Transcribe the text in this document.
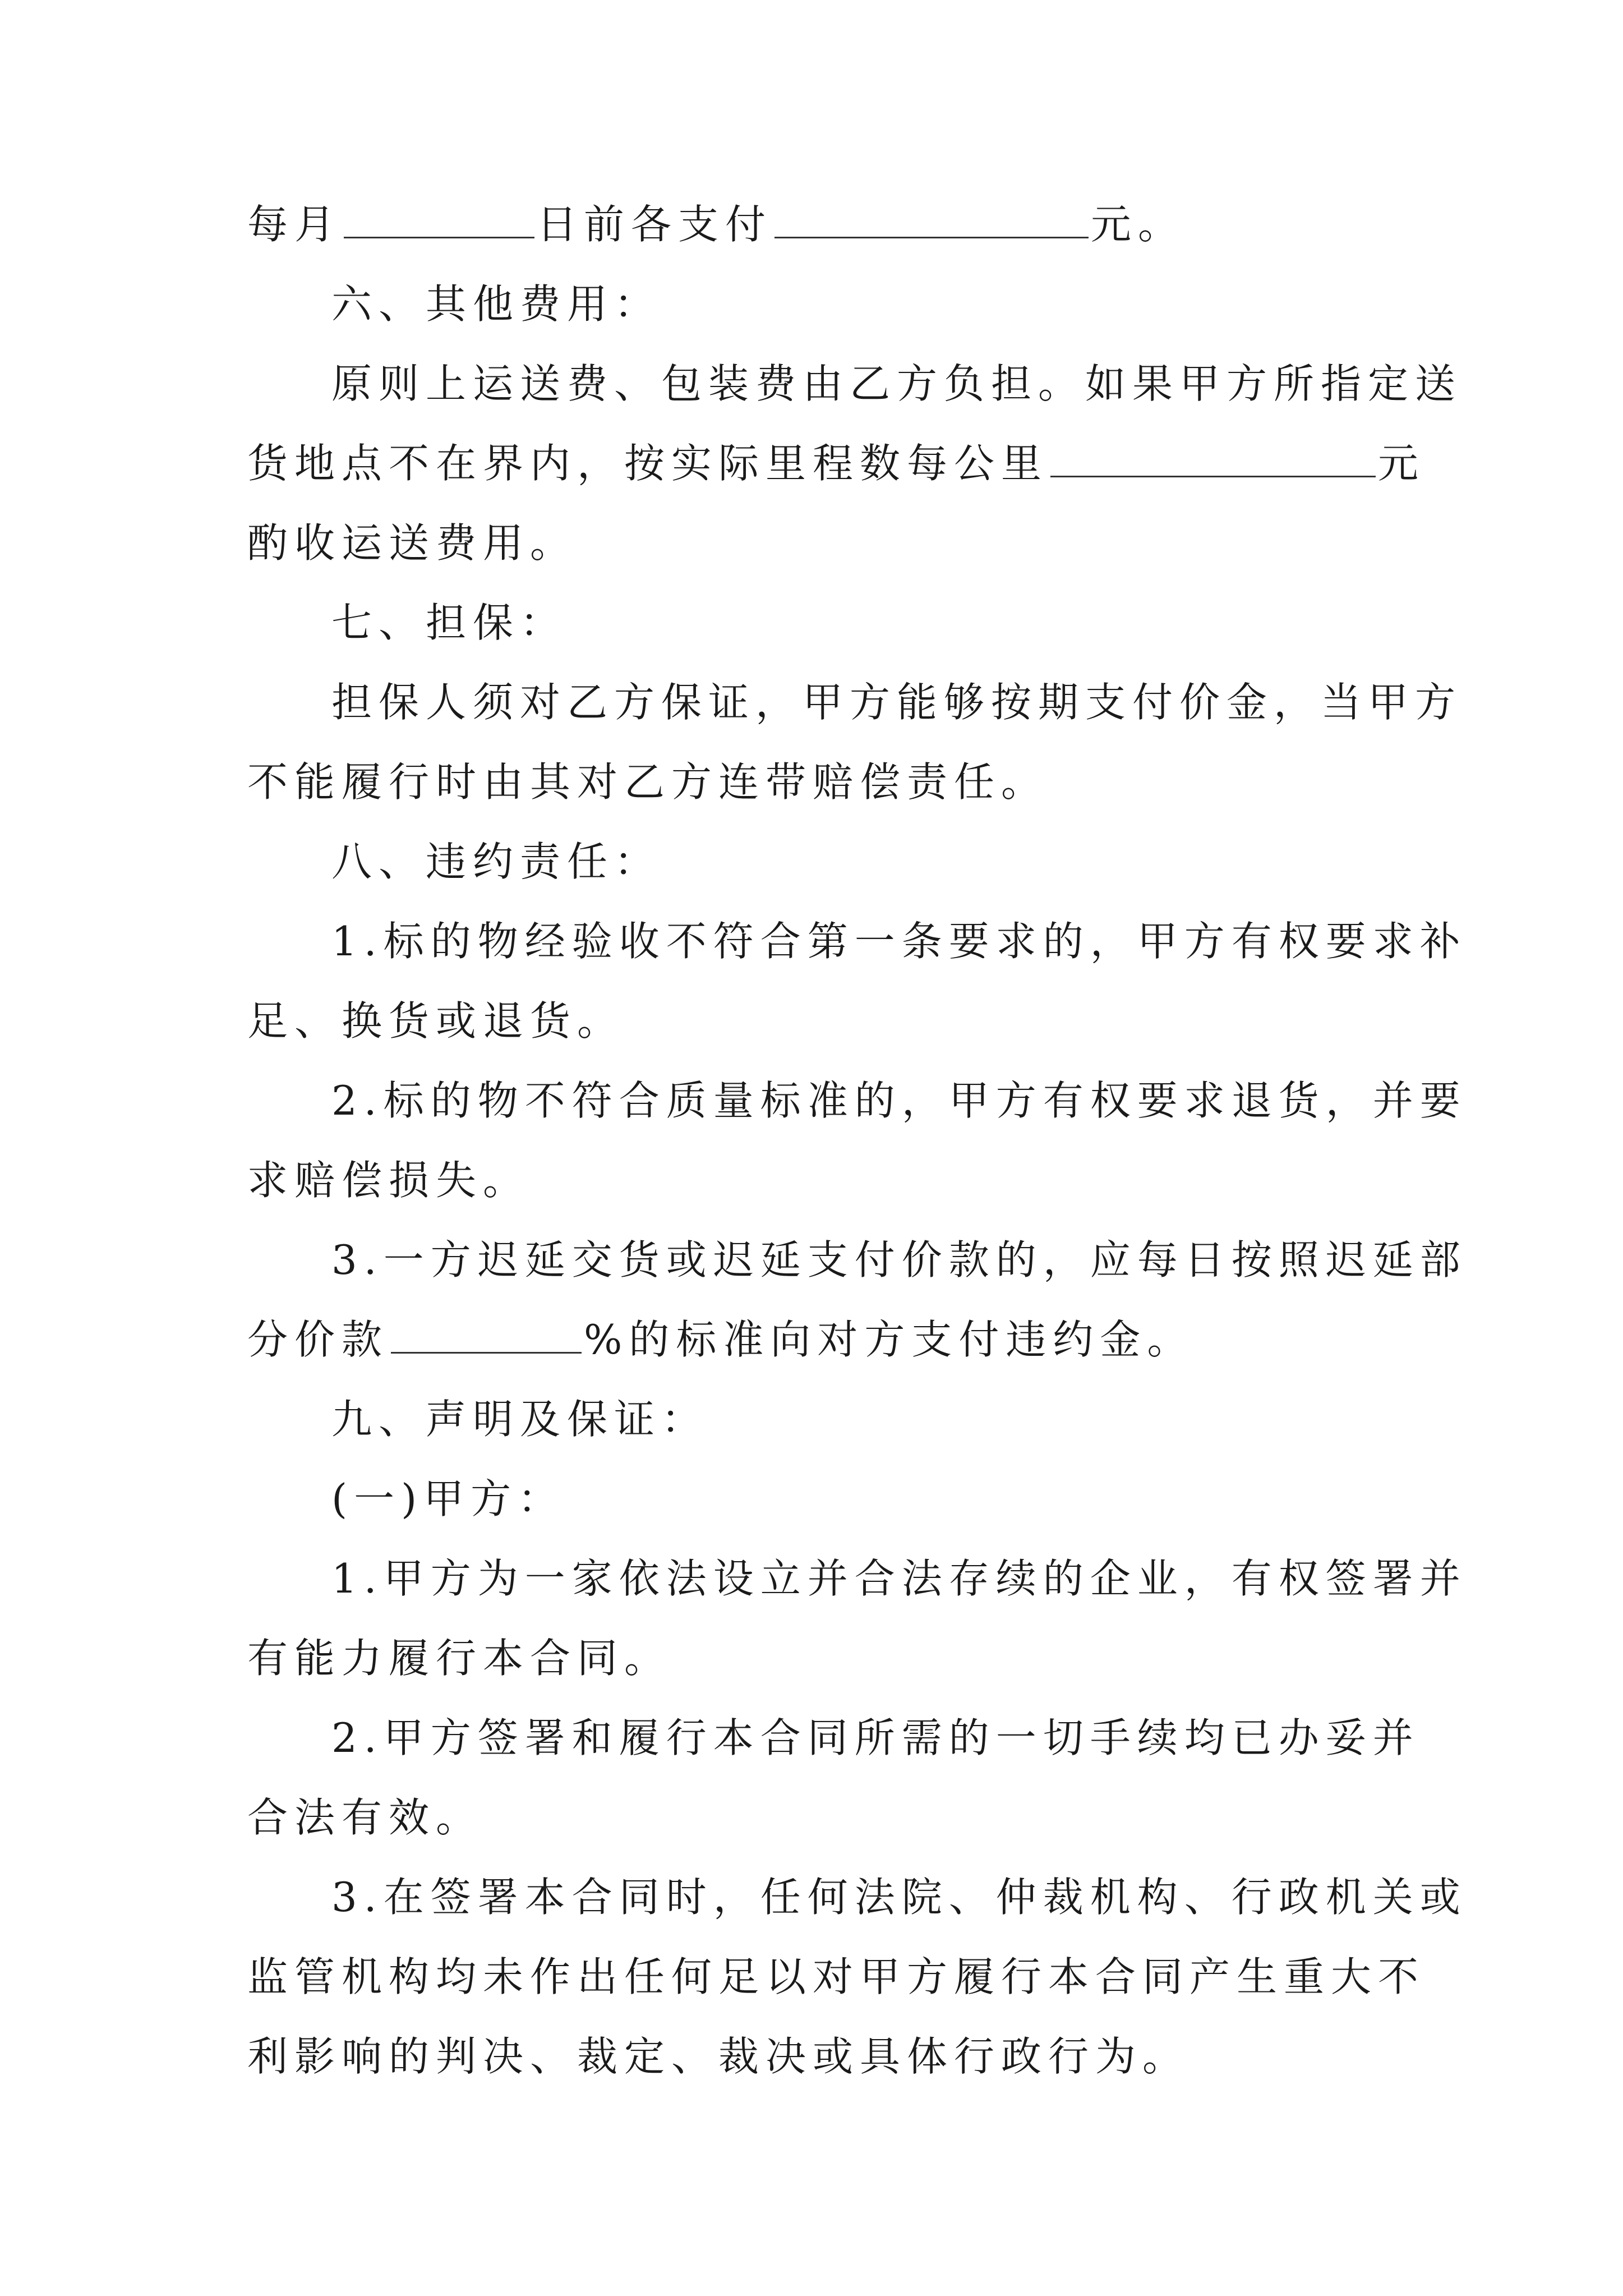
每月	日前各支付	元。
六、其他费用：
原则上运送费、包装费由乙方负担。如果甲方所指定送
货地点不在界内，按实际里程数每公里	元
酌收运送费用。
七、担保：
担保人须对乙方保证，甲方能够按期支付价金，当甲方
不能履行时由其对乙方连带赔偿责任。
八、违约责任：
1.标的物经验收不符合第一条要求的，甲方有权要求补
足、换货或退货。
2.标的物不符合质量标准的，甲方有权要求退货，并要
求赔偿损失。
3.一方迟延交货或迟延支付价款的，应每日按照迟延部
分价款	%的标准向对方支付违约金。
九、声明及保证：
(一)甲方：
1.甲方为一家依法设立并合法存续的企业，有权签署并
有能力履行本合同。
2.甲方签署和履行本合同所需的一切手续均已办妥并
合法有效。
3.在签署本合同时，任何法院、仲裁机构、行政机关或
监管机构均未作出任何足以对甲方履行本合同产生重大不
利影响的判决、裁定、裁决或具体行政行为。
